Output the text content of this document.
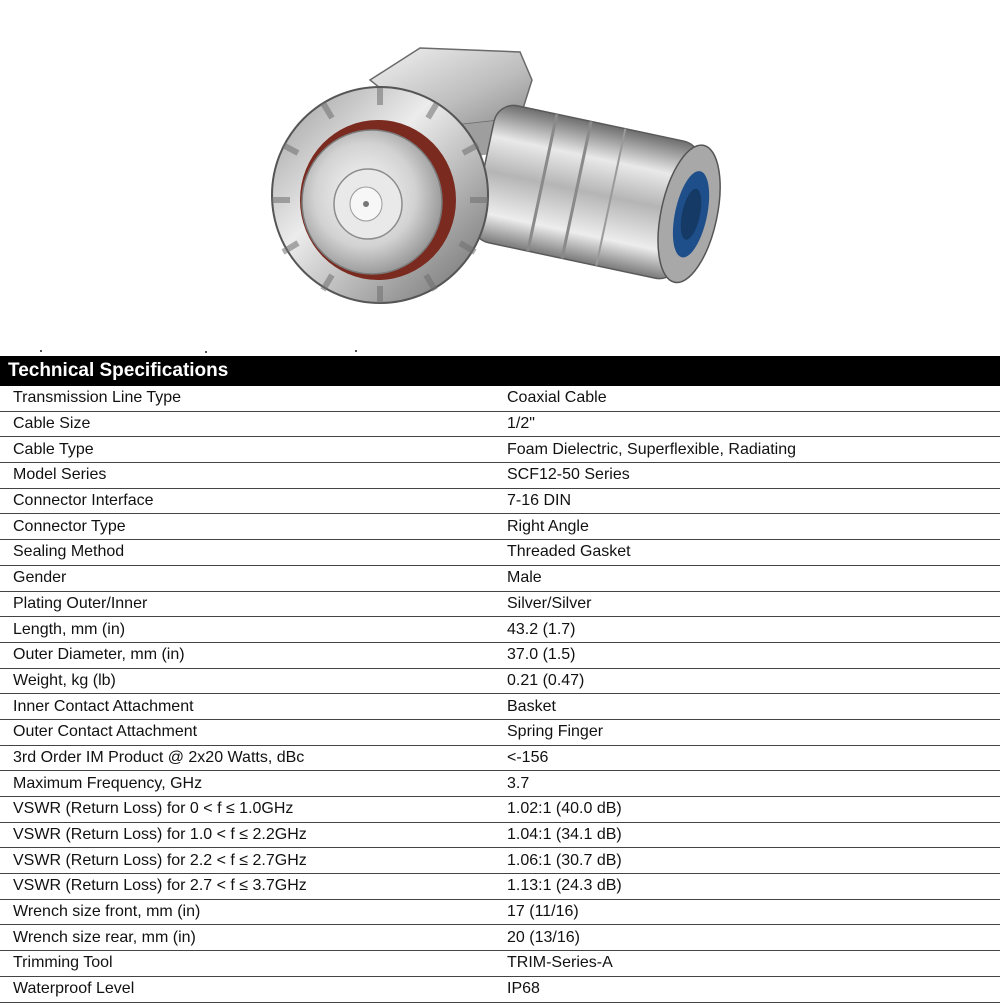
Technical Specifications
Transmission Line Type	Coaxial Cable
Cable Size	1/2"
Cable Type	Foam Dielectric, Superflexible, Radiating
Model Series	SCF12-50 Series
Connector Interface	7-16 DIN
Connector Type	Right Angle
Sealing Method	Threaded Gasket
Gender	Male
Plating Outer/Inner	Silver/Silver
Length, mm (in)	43.2 (1.7)
Outer Diameter, mm (in)	37.0 (1.5)
Weight, kg (lb)	0.21 (0.47)
Inner Contact Attachment	Basket
Outer Contact Attachment	Spring Finger
3rd Order IM Product @ 2x20 Watts, dBc	<-156
Maximum Frequency, GHz	3.7
VSWR (Return Loss) for 0 < f ≤ 1.0GHz	1.02:1 (40.0 dB)
VSWR (Return Loss) for 1.0 < f ≤ 2.2GHz	1.04:1 (34.1 dB)
VSWR (Return Loss) for 2.2 < f ≤ 2.7GHz	1.06:1 (30.7 dB)
VSWR (Return Loss) for 2.7 < f ≤ 3.7GHz	1.13:1 (24.3 dB)
Wrench size front, mm (in)	17 (11/16)
Wrench size rear, mm (in)	20 (13/16)
Trimming Tool	TRIM-Series-A
Waterproof Level	IP68
